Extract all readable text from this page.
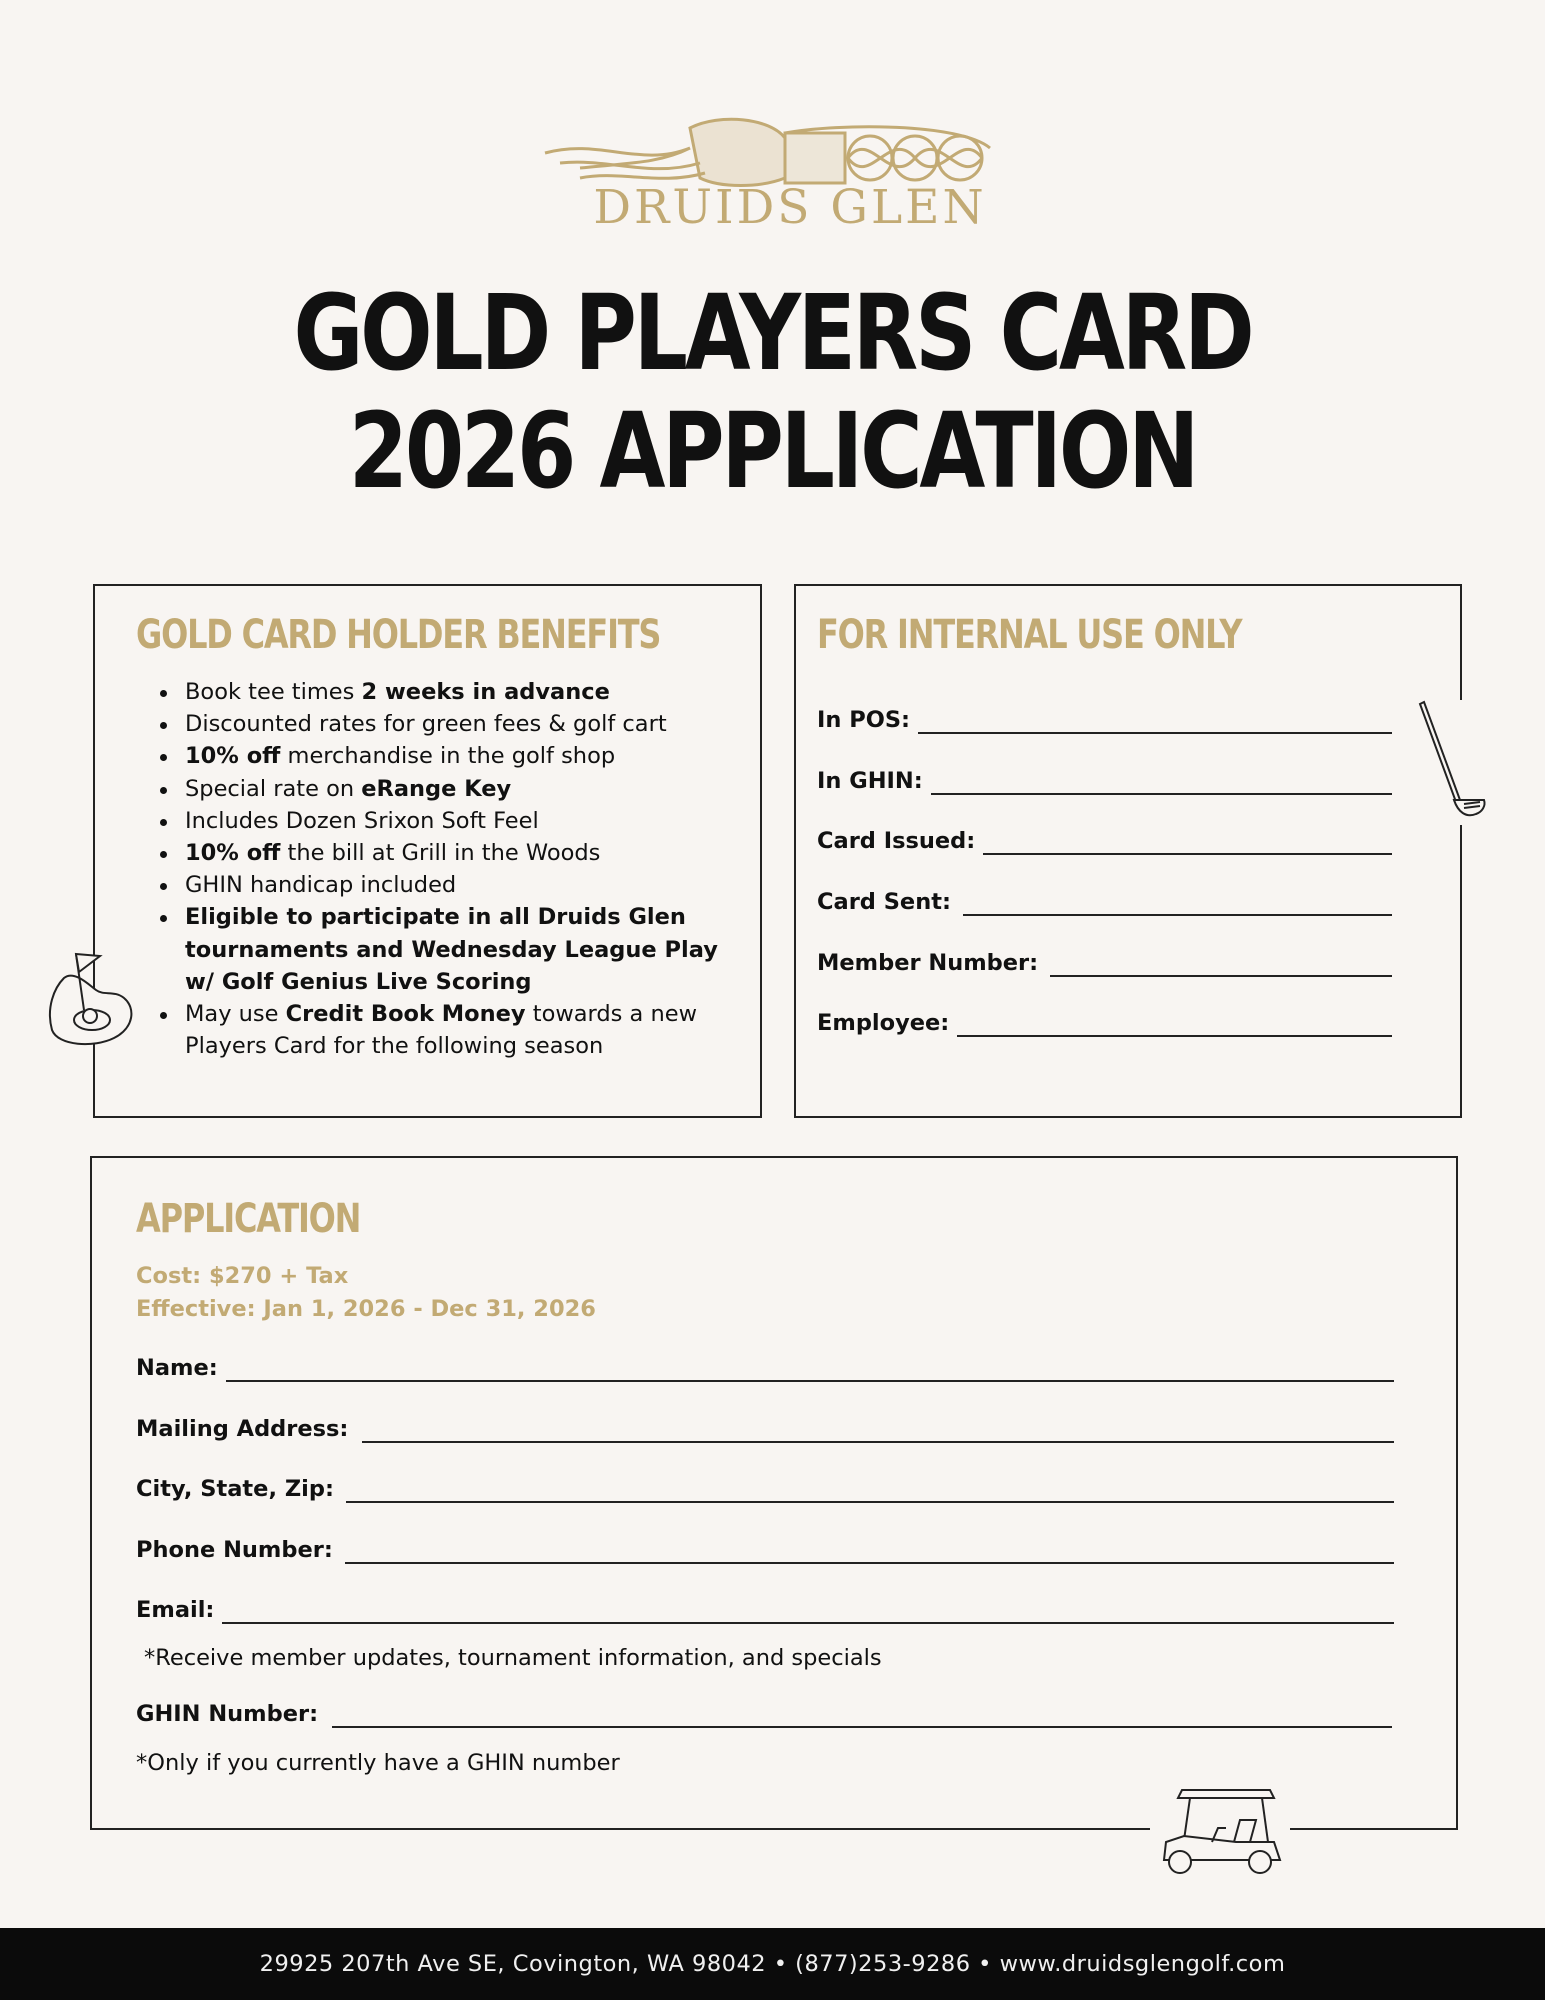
DRUIDS GLEN
GOLD PLAYERS CARD
2026 APPLICATION
GOLD CARD HOLDER BENEFITS
Book tee times 2 weeks in advance
Discounted rates for green fees & golf cart
10% off merchandise in the golf shop
Special rate on eRange Key
Includes Dozen Srixon Soft Feel
10% off the bill at Grill in the Woods
GHIN handicap included
Eligible to participate in all Druids Glen tournaments and Wednesday League Play w/ Golf Genius Live Scoring
May use Credit Book Money towards a new Players Card for the following season
FOR INTERNAL USE ONLY
In POS:
In GHIN:
Card Issued:
Card Sent:
Member Number:
Employee:
APPLICATION
Cost: $270 + Tax
Effective: Jan 1, 2026 - Dec 31, 2026
Name:
Mailing Address:
City, State, Zip:
Phone Number:
Email:
*Receive member updates, tournament information, and specials
GHIN Number:
*Only if you currently have a GHIN number
29925 207th Ave SE, Covington, WA 98042 • (877)253-9286 • www.druidsglengolf.com
